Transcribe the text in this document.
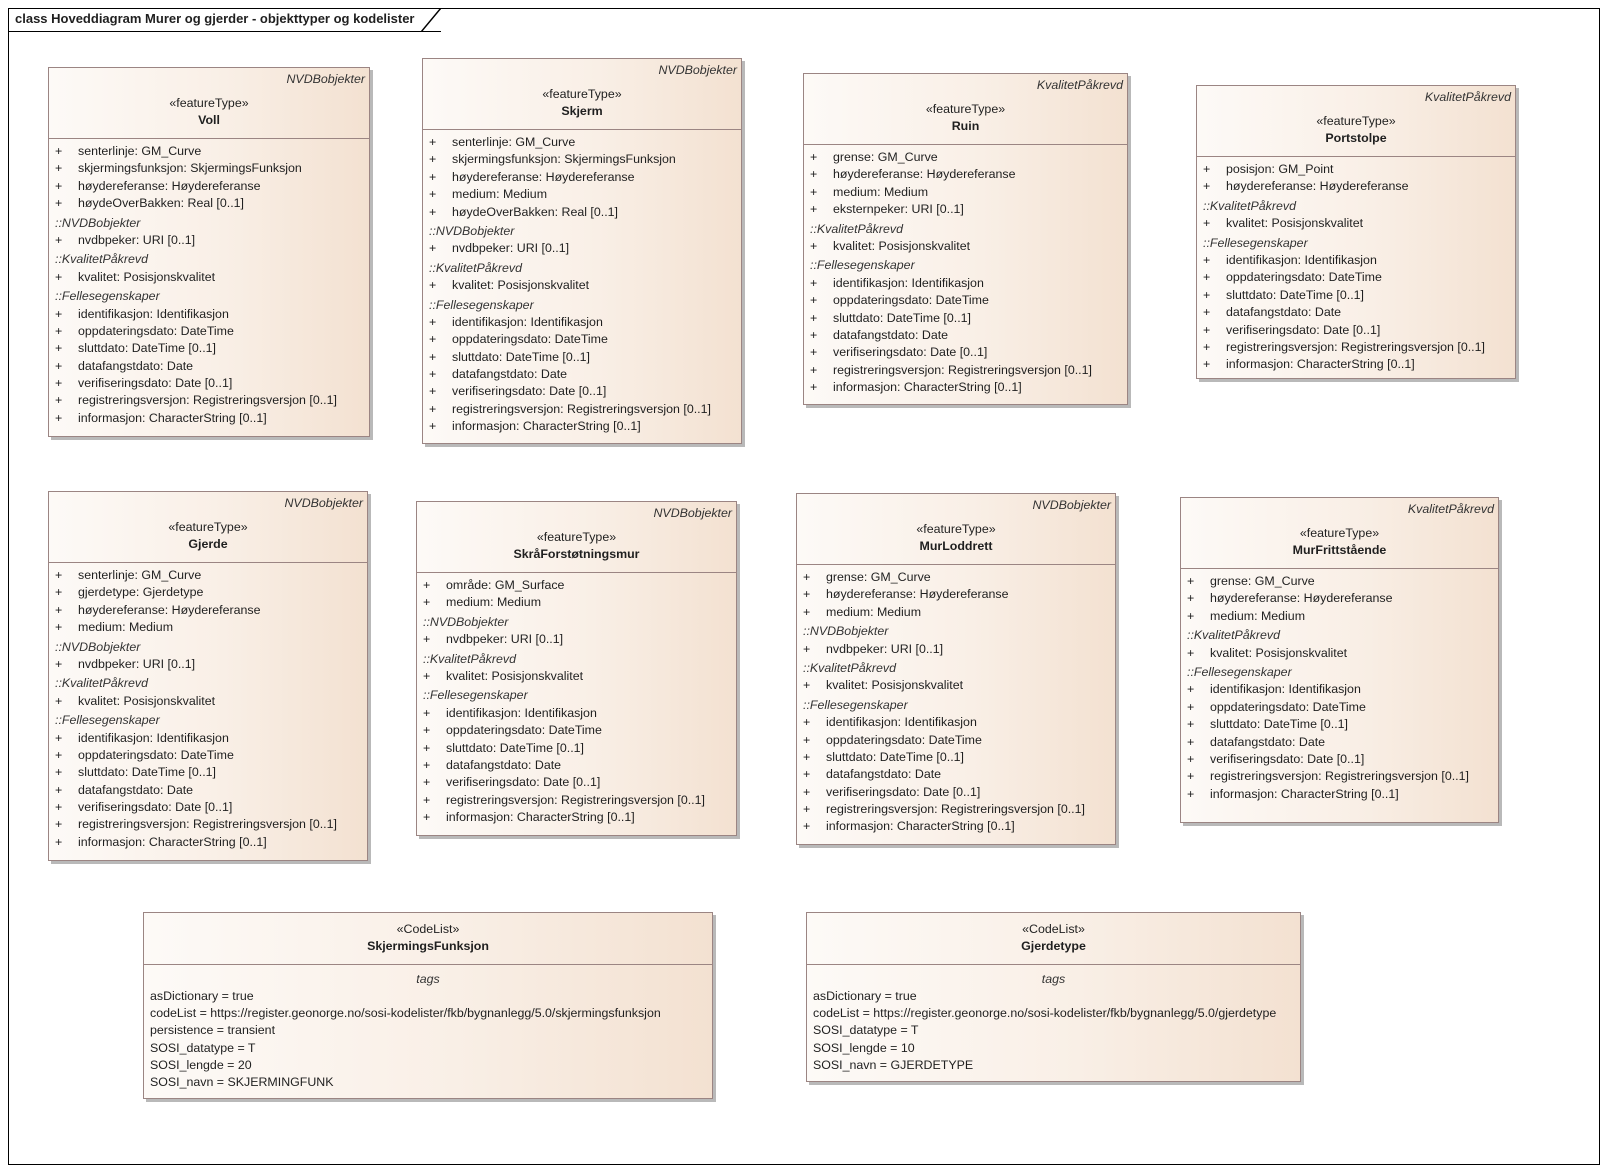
class Hoveddiagram Murer og gjerder - objekttyper og kodelister
NVDBobjekter
«featureType»
Voll
+ senterlinje: GM_Curve
+ skjermingsfunksjon: SkjermingsFunksjon
+ høydereferanse: Høydereferanse
+ høydeOverBakken: Real [0..1]
::NVDBobjekter
+ nvdbpeker: URI [0..1]
::KvalitetPåkrevd
+ kvalitet: Posisjonskvalitet
::Fellesegenskaper
+ identifikasjon: Identifikasjon
+ oppdateringsdato: DateTime
+ sluttdato: DateTime [0..1]
+ datafangstdato: Date
+ verifiseringsdato: Date [0..1]
+ registreringsversjon: Registreringsversjon [0..1]
+ informasjon: CharacterString [0..1]
NVDBobjekter
«featureType»
Skjerm
+ senterlinje: GM_Curve
+ skjermingsfunksjon: SkjermingsFunksjon
+ høydereferanse: Høydereferanse
+ medium: Medium
+ høydeOverBakken: Real [0..1]
::NVDBobjekter
+ nvdbpeker: URI [0..1]
::KvalitetPåkrevd
+ kvalitet: Posisjonskvalitet
::Fellesegenskaper
+ identifikasjon: Identifikasjon
+ oppdateringsdato: DateTime
+ sluttdato: DateTime [0..1]
+ datafangstdato: Date
+ verifiseringsdato: Date [0..1]
+ registreringsversjon: Registreringsversjon [0..1]
+ informasjon: CharacterString [0..1]
KvalitetPåkrevd
«featureType»
Ruin
+ grense: GM_Curve
+ høydereferanse: Høydereferanse
+ medium: Medium
+ eksternpeker: URI [0..1]
::KvalitetPåkrevd
+ kvalitet: Posisjonskvalitet
::Fellesegenskaper
+ identifikasjon: Identifikasjon
+ oppdateringsdato: DateTime
+ sluttdato: DateTime [0..1]
+ datafangstdato: Date
+ verifiseringsdato: Date [0..1]
+ registreringsversjon: Registreringsversjon [0..1]
+ informasjon: CharacterString [0..1]
KvalitetPåkrevd
«featureType»
Portstolpe
+ posisjon: GM_Point
+ høydereferanse: Høydereferanse
::KvalitetPåkrevd
+ kvalitet: Posisjonskvalitet
::Fellesegenskaper
+ identifikasjon: Identifikasjon
+ oppdateringsdato: DateTime
+ sluttdato: DateTime [0..1]
+ datafangstdato: Date
+ verifiseringsdato: Date [0..1]
+ registreringsversjon: Registreringsversjon [0..1]
+ informasjon: CharacterString [0..1]
NVDBobjekter
«featureType»
Gjerde
+ senterlinje: GM_Curve
+ gjerdetype: Gjerdetype
+ høydereferanse: Høydereferanse
+ medium: Medium
::NVDBobjekter
+ nvdbpeker: URI [0..1]
::KvalitetPåkrevd
+ kvalitet: Posisjonskvalitet
::Fellesegenskaper
+ identifikasjon: Identifikasjon
+ oppdateringsdato: DateTime
+ sluttdato: DateTime [0..1]
+ datafangstdato: Date
+ verifiseringsdato: Date [0..1]
+ registreringsversjon: Registreringsversjon [0..1]
+ informasjon: CharacterString [0..1]
NVDBobjekter
«featureType»
SkråForstøtningsmur
+ område: GM_Surface
+ medium: Medium
::NVDBobjekter
+ nvdbpeker: URI [0..1]
::KvalitetPåkrevd
+ kvalitet: Posisjonskvalitet
::Fellesegenskaper
+ identifikasjon: Identifikasjon
+ oppdateringsdato: DateTime
+ sluttdato: DateTime [0..1]
+ datafangstdato: Date
+ verifiseringsdato: Date [0..1]
+ registreringsversjon: Registreringsversjon [0..1]
+ informasjon: CharacterString [0..1]
NVDBobjekter
«featureType»
MurLoddrett
+ grense: GM_Curve
+ høydereferanse: Høydereferanse
+ medium: Medium
::NVDBobjekter
+ nvdbpeker: URI [0..1]
::KvalitetPåkrevd
+ kvalitet: Posisjonskvalitet
::Fellesegenskaper
+ identifikasjon: Identifikasjon
+ oppdateringsdato: DateTime
+ sluttdato: DateTime [0..1]
+ datafangstdato: Date
+ verifiseringsdato: Date [0..1]
+ registreringsversjon: Registreringsversjon [0..1]
+ informasjon: CharacterString [0..1]
KvalitetPåkrevd
«featureType»
MurFrittstående
+ grense: GM_Curve
+ høydereferanse: Høydereferanse
+ medium: Medium
::KvalitetPåkrevd
+ kvalitet: Posisjonskvalitet
::Fellesegenskaper
+ identifikasjon: Identifikasjon
+ oppdateringsdato: DateTime
+ sluttdato: DateTime [0..1]
+ datafangstdato: Date
+ verifiseringsdato: Date [0..1]
+ registreringsversjon: Registreringsversjon [0..1]
+ informasjon: CharacterString [0..1]
«CodeList»
SkjermingsFunksjon
tags
asDictionary = true
codeList = https://register.geonorge.no/sosi-kodelister/fkb/bygnanlegg/5.0/skjermingsfunksjon
persistence = transient
SOSI_datatype = T
SOSI_lengde = 20
SOSI_navn = SKJERMINGFUNK
«CodeList»
Gjerdetype
tags
asDictionary = true
codeList = https://register.geonorge.no/sosi-kodelister/fkb/bygnanlegg/5.0/gjerdetype
SOSI_datatype = T
SOSI_lengde = 10
SOSI_navn = GJERDETYPE
